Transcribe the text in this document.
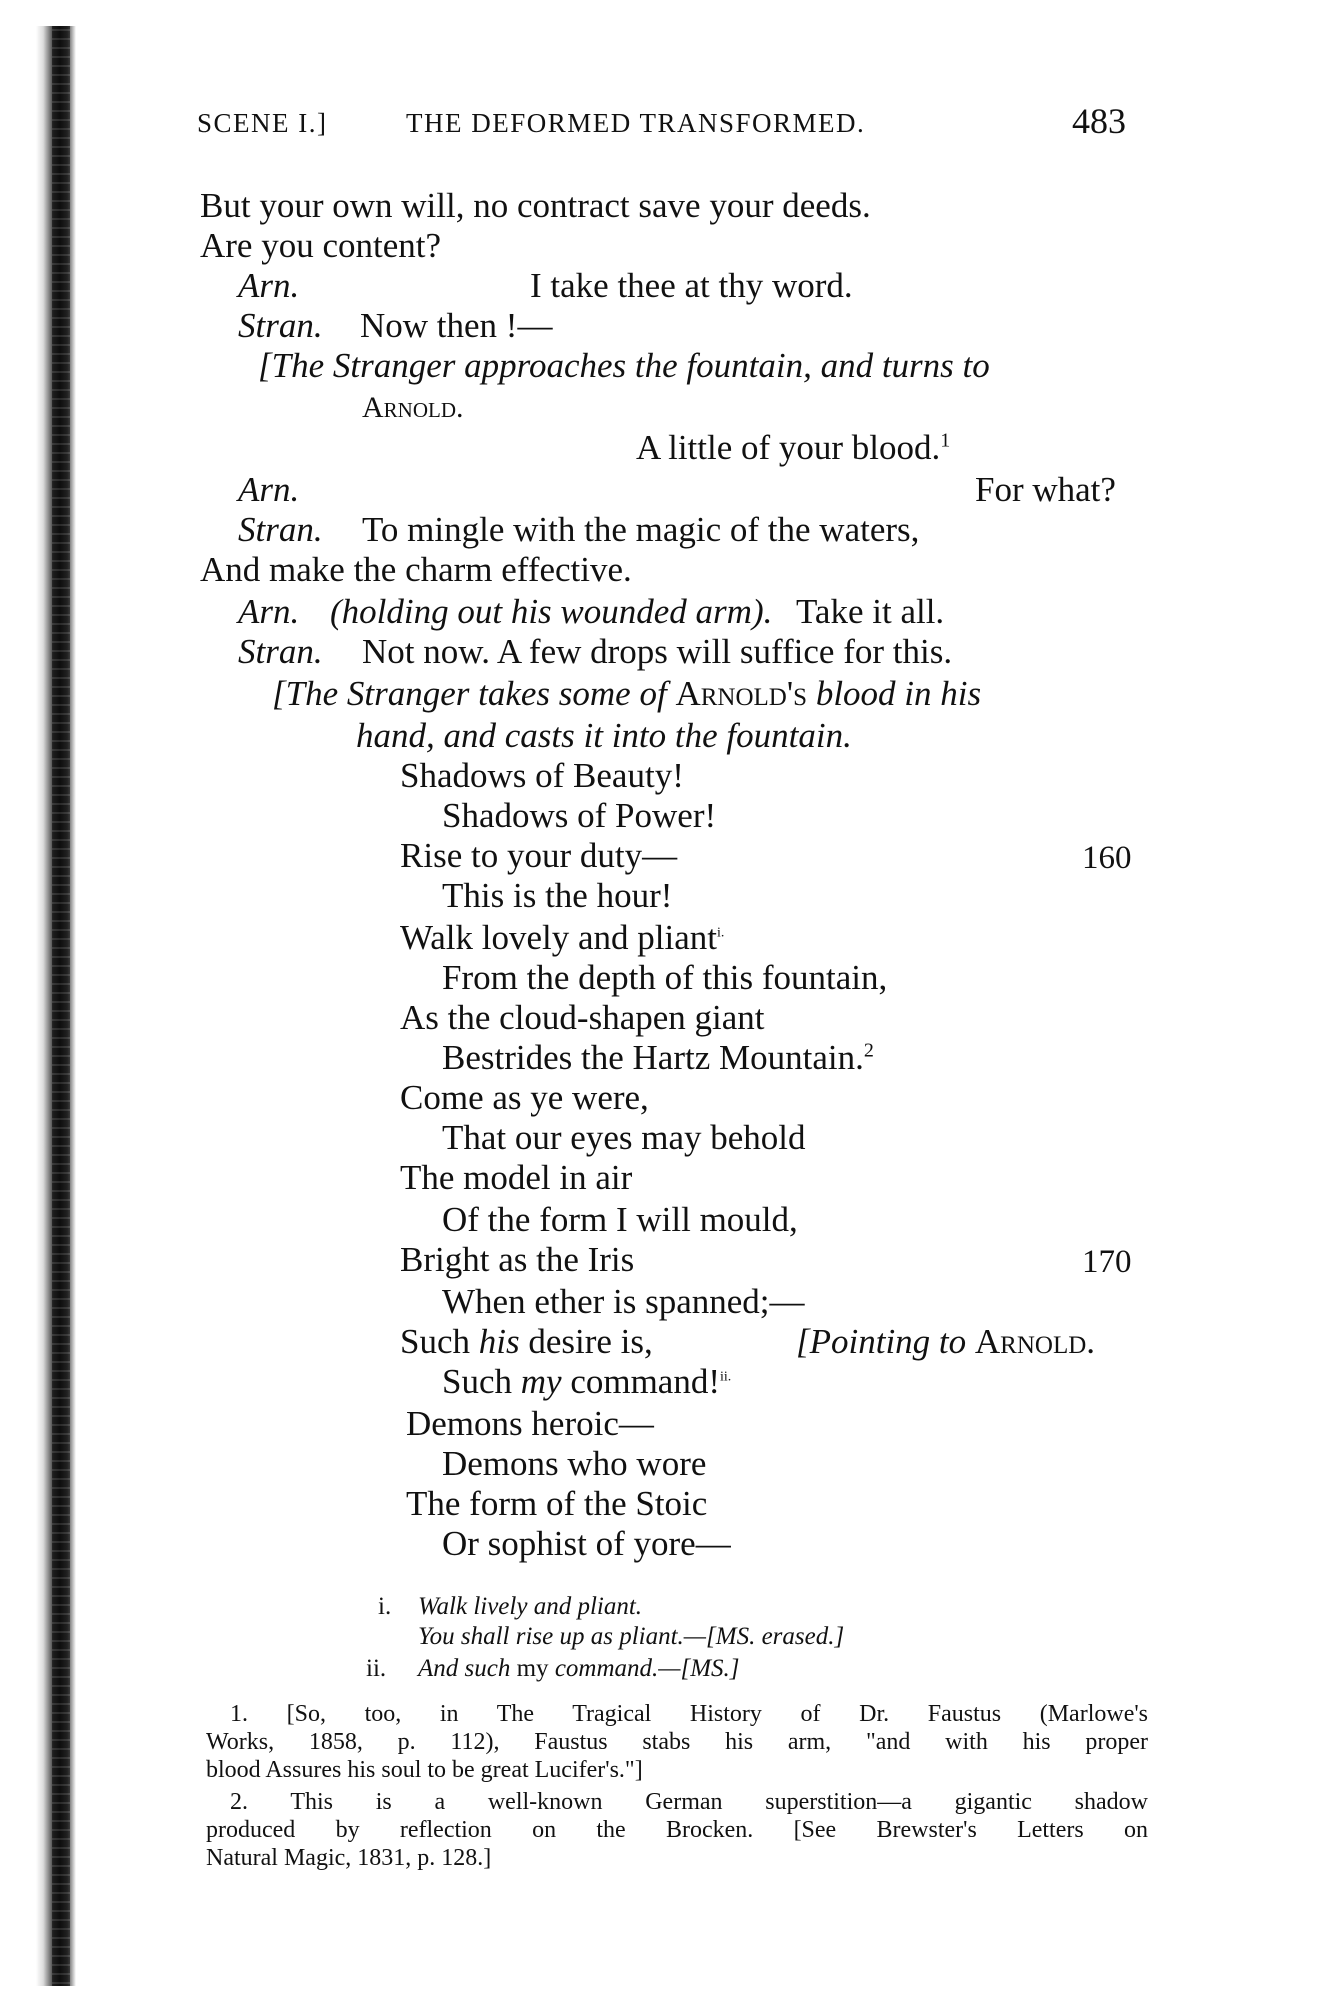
SCENE I.]	THE DEFORMED TRANSFORMED.	483
But your own will, no contract save your deeds.
Are you content?
Arn.	I take thee at thy word.
Stran. Now then !—
[The Stranger approaches the fountain, and turns to
Arnold.
A little of your blood.$^1$
Arn.	For what?
Stran. To mingle with the magic of the waters,
And make the charm effective.
Arn. (holding out his wounded arm). Take it all.
Stran. Not now. A few drops will suffice for this.
[The Stranger takes some of Arnold's blood in his
hand, and casts it into the fountain.
Shadows of Beauty!
Shadows of Power!
Rise to your duty—	160
This is the hour!
Walk lovely and pliant$^{i.}$
From the depth of this fountain,
As the cloud-shapen giant
Bestrides the Hartz Mountain.$^2$
Come as ye were,
That our eyes may behold
The model in air
Of the form I will mould,
Bright as the Iris	170
When ether is spanned;—
Such his desire is,	[Pointing to Arnold.
Such my command!$^{ii.}$
Demons heroic—
Demons who wore
The form of the Stoic
Or sophist of yore—
i. Walk lively and pliant.
You shall rise up as pliant.—[MS. erased.]
ii. And such my command.—[MS.]
1. [So, too, in The Tragical History of Dr. Faustus (Marlowe's
Works, 1858, p. 112), Faustus stabs his arm, "and with his proper
blood Assures his soul to be great Lucifer's."]
2. This is a well-known German superstition—a gigantic shadow
produced by reflection on the Brocken. [See Brewster's Letters on
Natural Magic, 1831, p. 128.]
